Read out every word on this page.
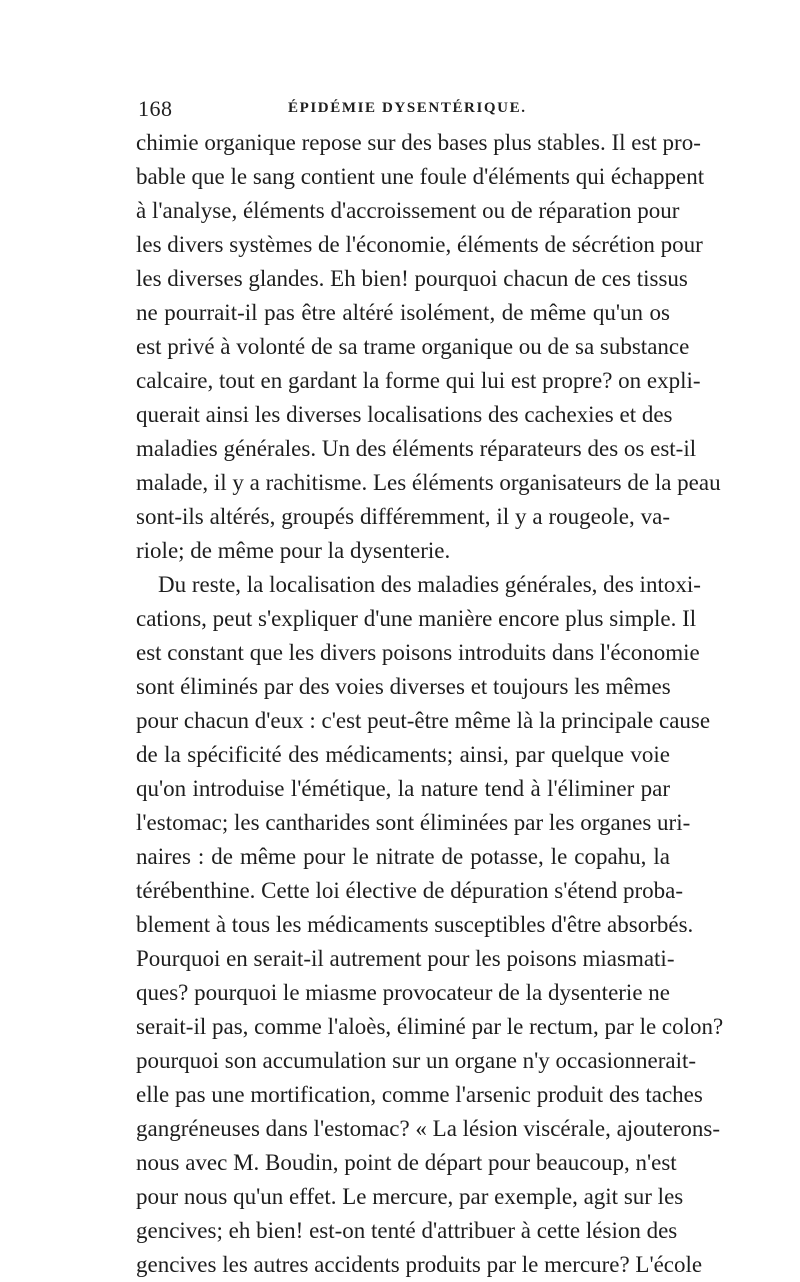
168	ÉPIDÉMIE DYSENTÉRIQUE.
chimie organique repose sur des bases plus stables. Il est pro-
bable que le sang contient une foule d'éléments qui échappent
à l'analyse, éléments d'accroissement ou de réparation pour
les divers systèmes de l'économie, éléments de sécrétion pour
les diverses glandes. Eh bien! pourquoi chacun de ces tissus
ne pourrait-il pas être altéré isolément, de même qu'un os
est privé à volonté de sa trame organique ou de sa substance
calcaire, tout en gardant la forme qui lui est propre? on expli-
querait ainsi les diverses localisations des cachexies et des
maladies générales. Un des éléments réparateurs des os est-il
malade, il y a rachitisme. Les éléments organisateurs de la peau
sont-ils altérés, groupés différemment, il y a rougeole, va-
riole; de même pour la dysenterie.
Du reste, la localisation des maladies générales, des intoxi-
cations, peut s'expliquer d'une manière encore plus simple. Il
est constant que les divers poisons introduits dans l'économie
sont éliminés par des voies diverses et toujours les mêmes
pour chacun d'eux : c'est peut-être même là la principale cause
de la spécificité des médicaments; ainsi, par quelque voie
qu'on introduise l'émétique, la nature tend à l'éliminer par
l'estomac; les cantharides sont éliminées par les organes uri-
naires : de même pour le nitrate de potasse, le copahu, la
térébenthine. Cette loi élective de dépuration s'étend proba-
blement à tous les médicaments susceptibles d'être absorbés.
Pourquoi en serait-il autrement pour les poisons miasmati-
ques? pourquoi le miasme provocateur de la dysenterie ne
serait-il pas, comme l'aloès, éliminé par le rectum, par le colon?
pourquoi son accumulation sur un organe n'y occasionnerait-
elle pas une mortification, comme l'arsenic produit des taches
gangréneuses dans l'estomac? « La lésion viscérale, ajouterons-
nous avec M. Boudin, point de départ pour beaucoup, n'est
pour nous qu'un effet. Le mercure, par exemple, agit sur les
gencives; eh bien! est-on tenté d'attribuer à cette lésion des
gencives les autres accidents produits par le mercure? L'école
